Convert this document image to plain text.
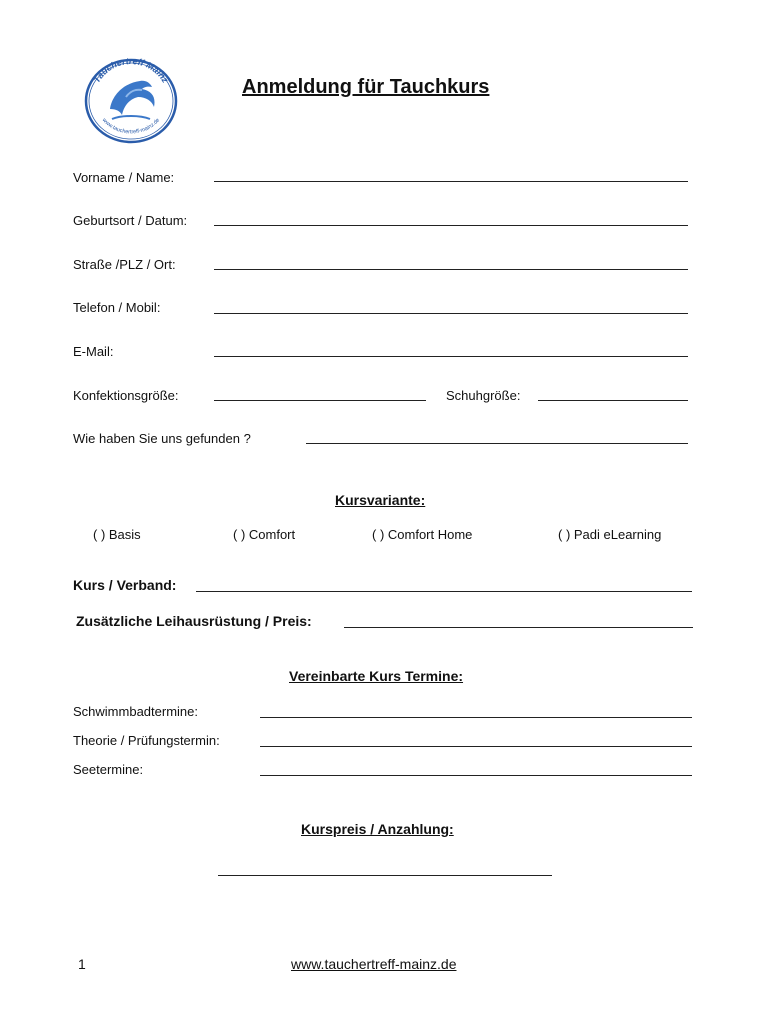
Tauchertreff Mainz
www.tauchertreff-mainz.de
Anmeldung für Tauchkurs
Vorname / Name:
Geburtsort / Datum:
Straße /PLZ / Ort:
Telefon / Mobil:
E-Mail:
Konfektionsgröße:	Schuhgröße:
Wie haben Sie uns gefunden ?
Kursvariante:
( ) Basis	( ) Comfort	( ) Comfort Home	( ) Padi eLearning
Kurs / Verband:
Zusätzliche Leihausrüstung / Preis:
Vereinbarte Kurs Termine:
Schwimmbadtermine:
Theorie / Prüfungstermin:
Seetermine:
Kurspreis / Anzahlung:
1	www.tauchertreff-mainz.de
